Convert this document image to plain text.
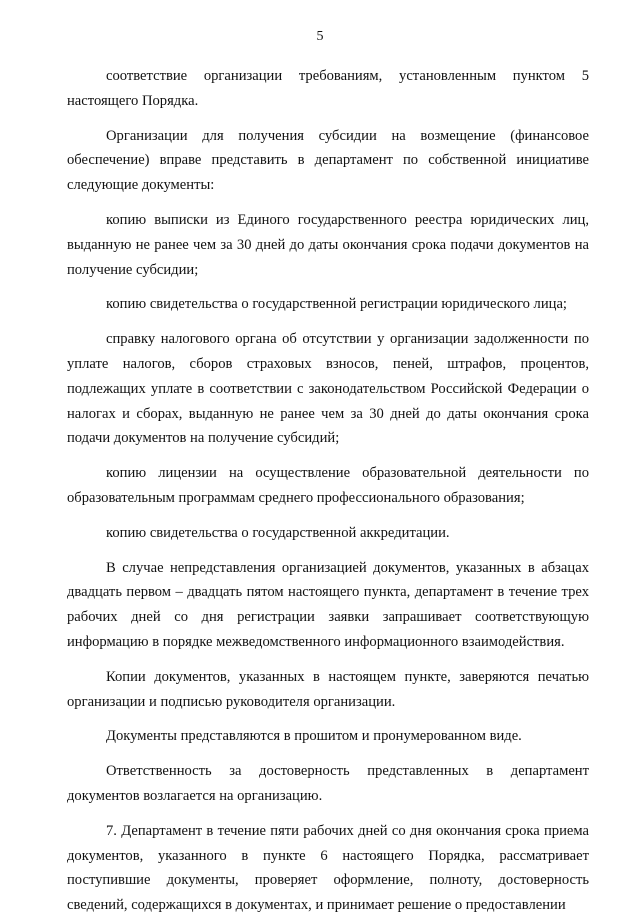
5

соответствие организации требованиям, установленным пунктом 5 настоящего Порядка.

Организации для получения субсидии на возмещение (финансовое обеспечение) вправе представить в департамент по собственной инициативе следующие документы:

копию выписки из Единого государственного реестра юридических лиц, выданную не ранее чем за 30 дней до даты окончания срока подачи документов на получение субсидии;

копию свидетельства о государственной регистрации юридического лица;

справку налогового органа об отсутствии у организации задолженности по уплате налогов, сборов страховых взносов, пеней, штрафов, процентов, подлежащих уплате в соответствии с законодательством Российской Федерации о налогах и сборах, выданную не ранее чем за 30 дней до даты окончания срока подачи документов на получение субсидий;

копию лицензии на осуществление образовательной деятельности по образовательным программам среднего профессионального образования;

копию свидетельства о государственной аккредитации.

В случае непредставления организацией документов, указанных в абзацах двадцать первом – двадцать пятом настоящего пункта, департамент в течение трех рабочих дней со дня регистрации заявки запрашивает соответствующую информацию в порядке межведомственного информационного взаимодействия.

Копии документов, указанных в настоящем пункте, заверяются печатью организации и подписью руководителя организации.

Документы представляются в прошитом и пронумерованном виде.

Ответственность за достоверность представленных в департамент документов возлагается на организацию.

7. Департамент в течение пяти рабочих дней со дня окончания срока приема документов, указанного в пункте 6 настоящего Порядка, рассматривает поступившие документы, проверяет оформление, полноту, достоверность сведений, содержащихся в документах, и принимает решение о предоставлении
